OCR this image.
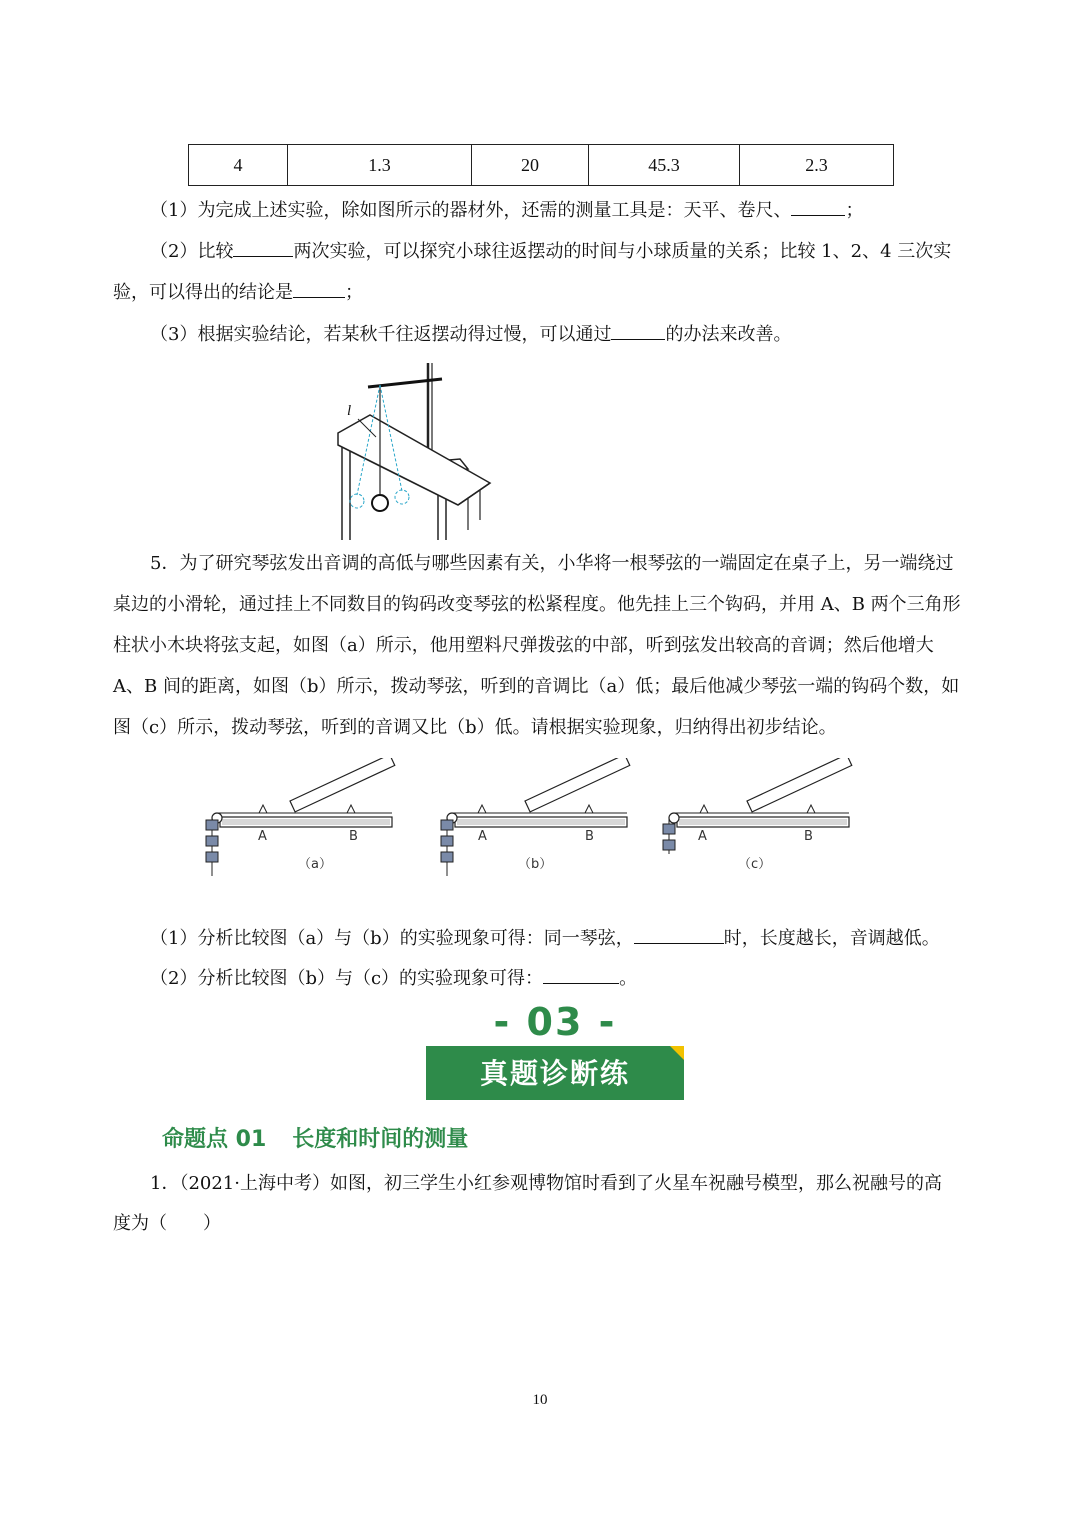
4	1.3	20	45.3	2.3
（1）为完成上述实验，除如图所示的器材外，还需的测量工具是：天平、卷尺、	；
（2）比较	两次实验，可以探究小球往返摆动的时间与小球质量的关系；比较 1、2、4 三次实
验，可以得出的结论是	；
（3）根据实验结论，若某秋千往返摆动得过慢，可以通过	的办法来改善。
l
5．为了研究琴弦发出音调的高低与哪些因素有关，小华将一根琴弦的一端固定在桌子上，另一端绕过桌边的小滑轮，通过挂上不同数目的钩码改变琴弦的松紧程度。他先挂上三个钩码，并用 A、B 两个三角形柱状小木块将弦支起，如图（a）所示，他用塑料尺弹拨弦的中部，听到弦发出较高的音调；然后他增大 A、B 间的距离，如图（b）所示，拨动琴弦，听到的音调比（a）低；最后他减少琴弦一端的钩码个数，如图（c）所示，拨动琴弦，听到的音调又比（b）低。请根据实验现象，归纳得出初步结论。
A	B
（a）
A	B
（b）
A	B
（c）
（1）分析比较图（a）与（b）的实验现象可得：同一琴弦，	时，长度越长，音调越低。
（2）分析比较图（b）与（c）的实验现象可得：	。
- 03 -
真题诊断练
命题点 01 长度和时间的测量
1．（2021·上海中考）如图，初三学生小红参观博物馆时看到了火星车祝融号模型，那么祝融号的高
度为（　　）
10
